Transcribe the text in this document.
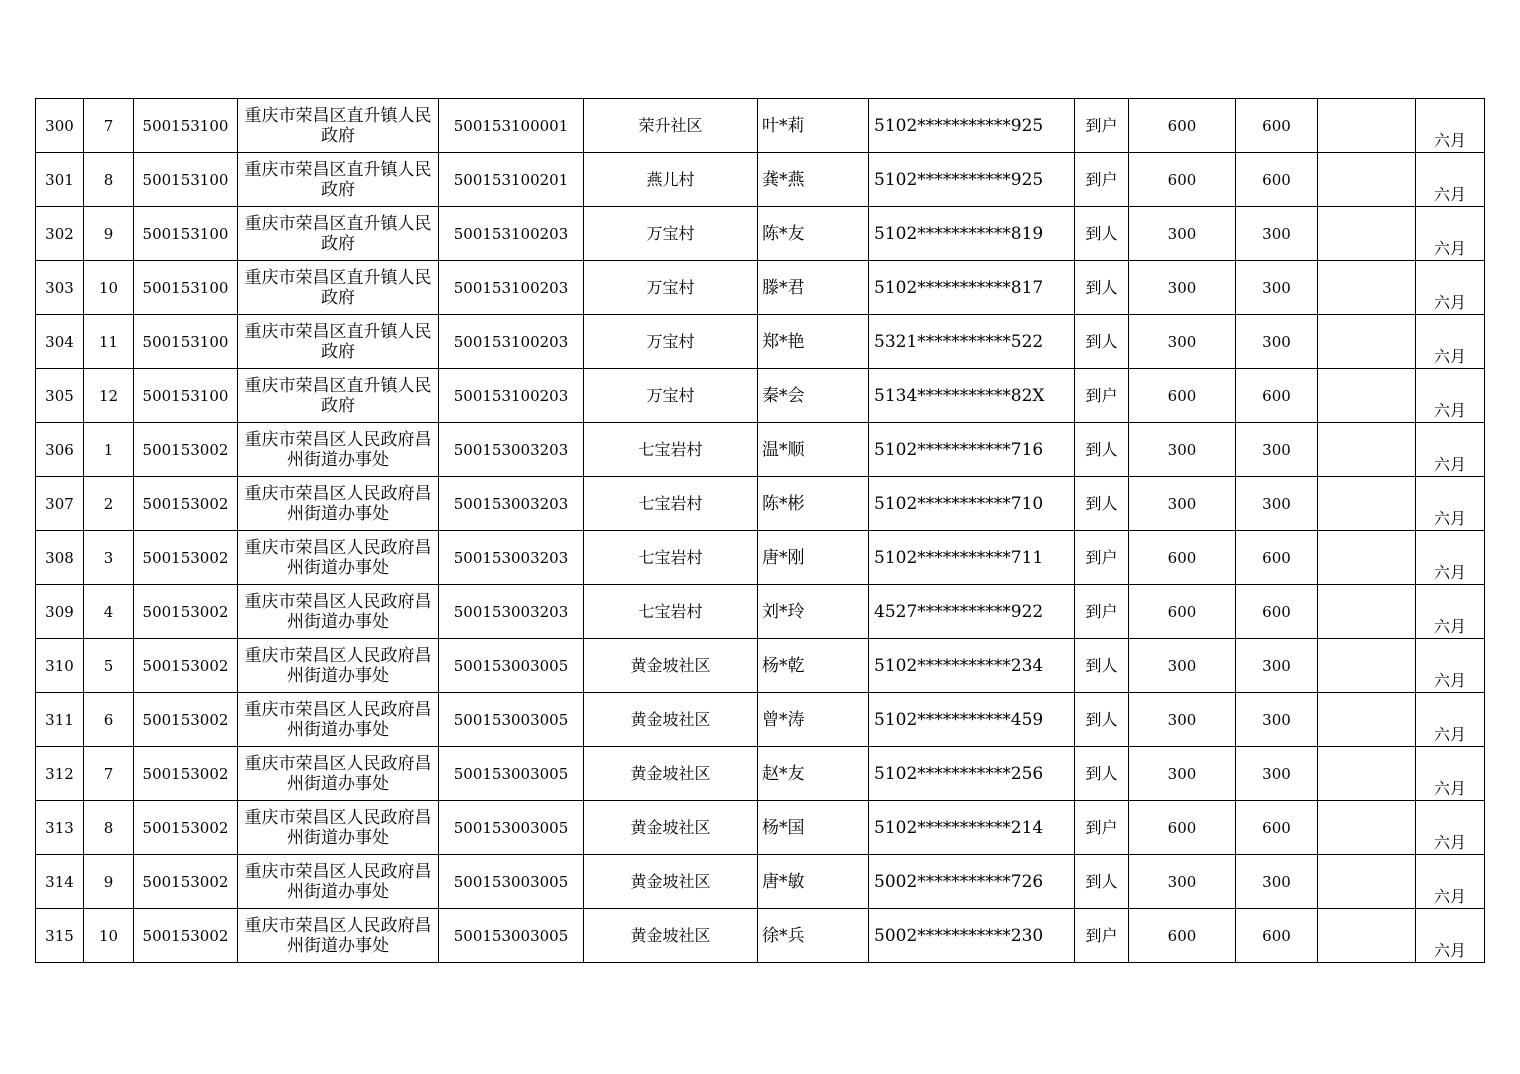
300	7	500153100	重庆市荣昌区直升镇人民政府	500153100001	荣升社区	叶*莉	5102***********925	到户	600	600		六月
301	8	500153100	重庆市荣昌区直升镇人民政府	500153100201	燕儿村	龚*燕	5102***********925	到户	600	600		六月
302	9	500153100	重庆市荣昌区直升镇人民政府	500153100203	万宝村	陈*友	5102***********819	到人	300	300		六月
303	10	500153100	重庆市荣昌区直升镇人民政府	500153100203	万宝村	滕*君	5102***********817	到人	300	300		六月
304	11	500153100	重庆市荣昌区直升镇人民政府	500153100203	万宝村	郑*艳	5321***********522	到人	300	300		六月
305	12	500153100	重庆市荣昌区直升镇人民政府	500153100203	万宝村	秦*会	5134***********82X	到户	600	600		六月
306	1	500153002	重庆市荣昌区人民政府昌州街道办事处	500153003203	七宝岩村	温*顺	5102***********716	到人	300	300		六月
307	2	500153002	重庆市荣昌区人民政府昌州街道办事处	500153003203	七宝岩村	陈*彬	5102***********710	到人	300	300		六月
308	3	500153002	重庆市荣昌区人民政府昌州街道办事处	500153003203	七宝岩村	唐*刚	5102***********711	到户	600	600		六月
309	4	500153002	重庆市荣昌区人民政府昌州街道办事处	500153003203	七宝岩村	刘*玲	4527***********922	到户	600	600		六月
310	5	500153002	重庆市荣昌区人民政府昌州街道办事处	500153003005	黄金坡社区	杨*乾	5102***********234	到人	300	300		六月
311	6	500153002	重庆市荣昌区人民政府昌州街道办事处	500153003005	黄金坡社区	曾*涛	5102***********459	到人	300	300		六月
312	7	500153002	重庆市荣昌区人民政府昌州街道办事处	500153003005	黄金坡社区	赵*友	5102***********256	到人	300	300		六月
313	8	500153002	重庆市荣昌区人民政府昌州街道办事处	500153003005	黄金坡社区	杨*国	5102***********214	到户	600	600		六月
314	9	500153002	重庆市荣昌区人民政府昌州街道办事处	500153003005	黄金坡社区	唐*敏	5002***********726	到人	300	300		六月
315	10	500153002	重庆市荣昌区人民政府昌州街道办事处	500153003005	黄金坡社区	徐*兵	5002***********230	到户	600	600		六月
